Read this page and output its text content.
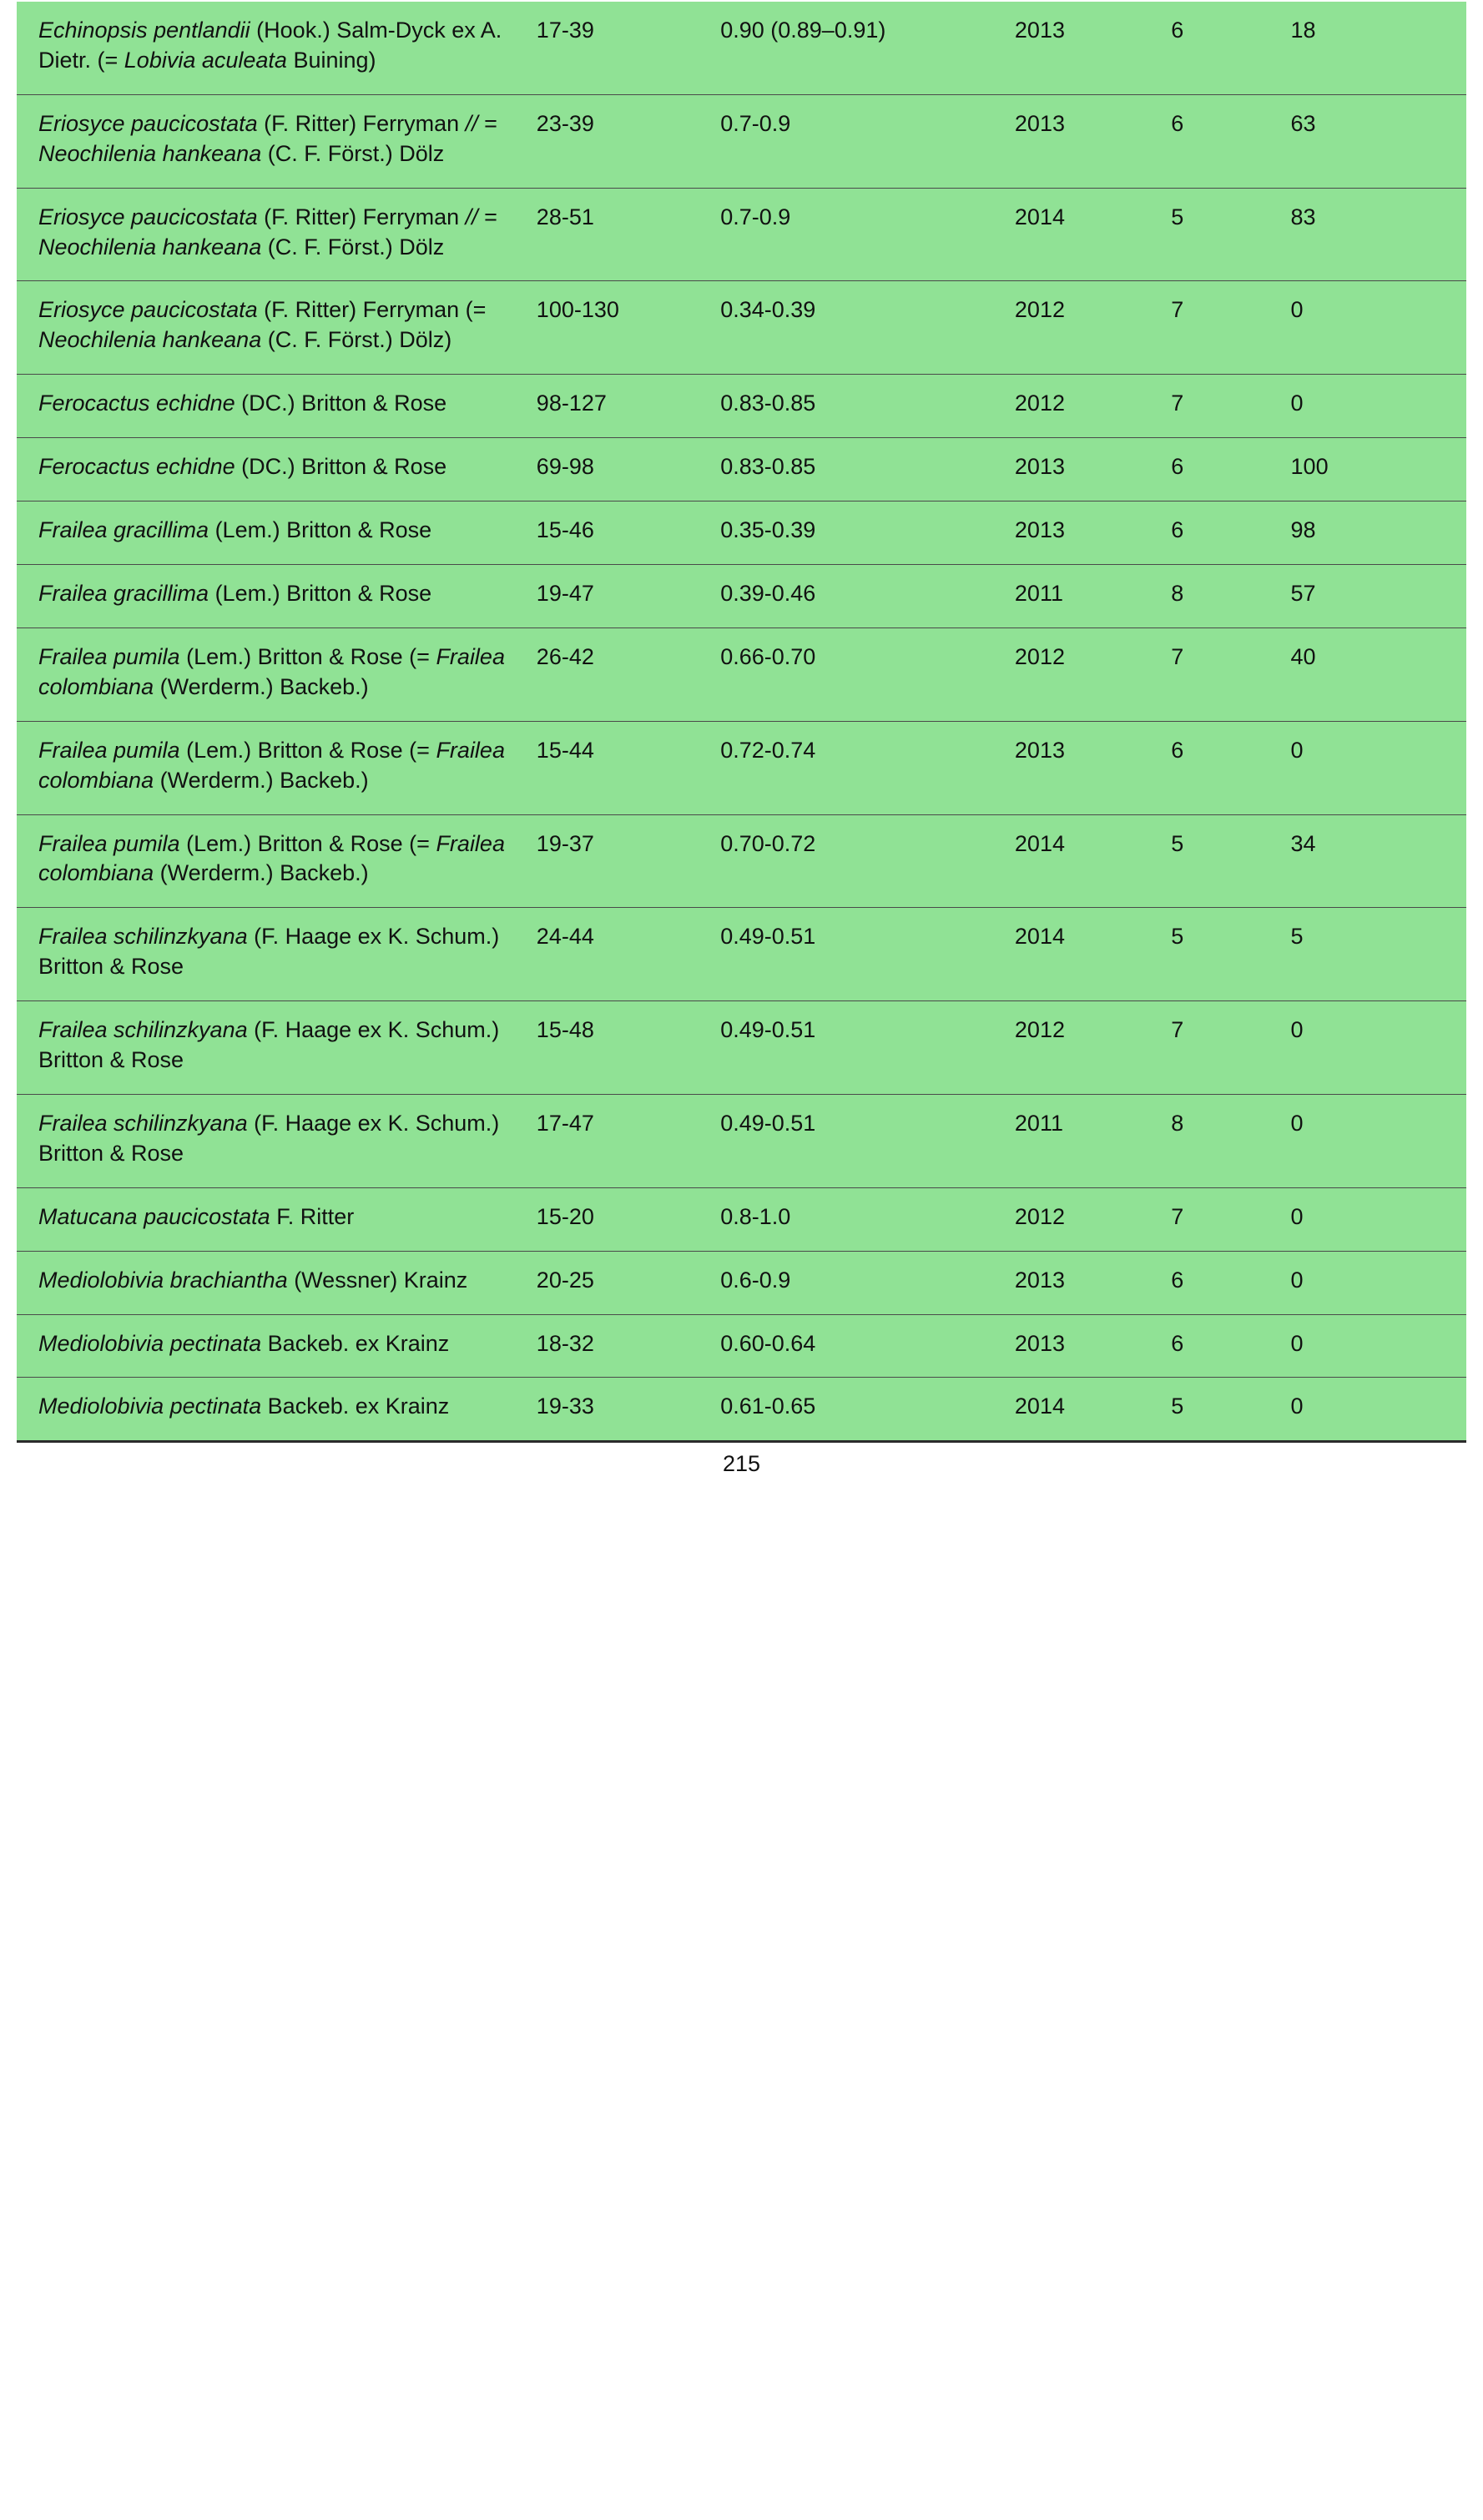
Echinopsis pentlandii (Hook.) Salm-Dyck ex A. Dietr. (= Lobivia aculeata Buining)	17-39	0.90 (0.89–0.91)	2013	6	18
Eriosyce paucicostata (F. Ritter) Ferryman // = Neochilenia hankeana (C. F. Först.) Dölz	23-39	0.7-0.9	2013	6	63
Eriosyce paucicostata (F. Ritter) Ferryman // = Neochilenia hankeana (C. F. Först.) Dölz	28-51	0.7-0.9	2014	5	83
Eriosyce paucicostata (F. Ritter) Ferryman (= Neochilenia hankeana (C. F. Först.) Dölz)	100-130	0.34-0.39	2012	7	0
Ferocactus echidne (DC.) Britton & Rose	98-127	0.83-0.85	2012	7	0
Ferocactus echidne (DC.) Britton & Rose	69-98	0.83-0.85	2013	6	100
Frailea gracillima (Lem.) Britton & Rose	15-46	0.35-0.39	2013	6	98
Frailea gracillima (Lem.) Britton & Rose	19-47	0.39-0.46	2011	8	57
Frailea pumila (Lem.) Britton & Rose (= Frailea colombiana (Werderm.) Backeb.)	26-42	0.66-0.70	2012	7	40
Frailea pumila (Lem.) Britton & Rose (= Frailea colombiana (Werderm.) Backeb.)	15-44	0.72-0.74	2013	6	0
Frailea pumila (Lem.) Britton & Rose (= Frailea colombiana (Werderm.) Backeb.)	19-37	0.70-0.72	2014	5	34
Frailea schilinzkyana (F. Haage ex K. Schum.) Britton & Rose	24-44	0.49-0.51	2014	5	5
Frailea schilinzkyana (F. Haage ex K. Schum.) Britton & Rose	15-48	0.49-0.51	2012	7	0
Frailea schilinzkyana (F. Haage ex K. Schum.) Britton & Rose	17-47	0.49-0.51	2011	8	0
Matucana paucicostata F. Ritter	15-20	0.8-1.0	2012	7	0
Mediolobivia brachiantha (Wessner) Krainz	20-25	0.6-0.9	2013	6	0
Mediolobivia pectinata Backeb. ex Krainz	18-32	0.60-0.64	2013	6	0
Mediolobivia pectinata Backeb. ex Krainz	19-33	0.61-0.65	2014	5	0
215
